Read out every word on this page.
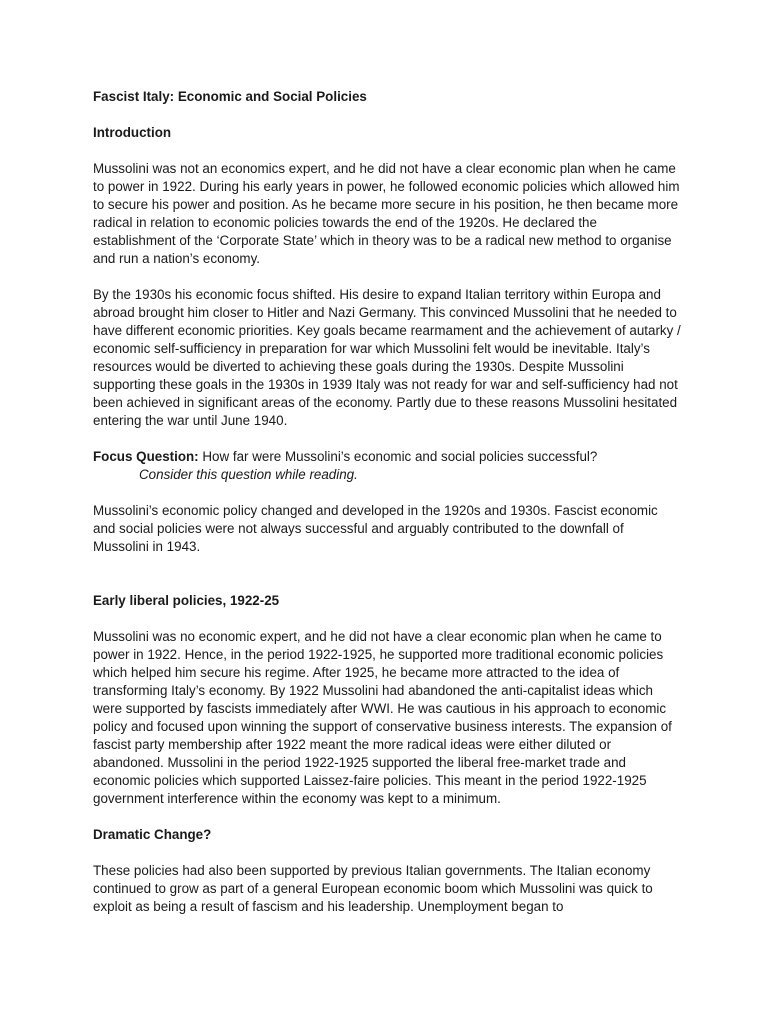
Fascist Italy: Economic and Social Policies
Introduction

Mussolini was not an economics expert, and he did not have a clear economic plan when he came to power in 1922. During his early years in power, he followed economic policies which allowed him to secure his power and position. As he became more secure in his position, he then became more radical in relation to economic policies towards the end of the 1920s. He declared the establishment of the ‘Corporate State’ which in theory was to be a radical new method to organise and run a nation’s economy.

By the 1930s his economic focus shifted. His desire to expand Italian territory within Europa and abroad brought him closer to Hitler and Nazi Germany. This convinced Mussolini that he needed to have different economic priorities. Key goals became rearmament and the achievement of autarky / economic self-sufficiency in preparation for war which Mussolini felt would be inevitable. Italy’s resources would be diverted to achieving these goals during the 1930s. Despite Mussolini supporting these goals in the 1930s in 1939 Italy was not ready for war and self-sufficiency had not been achieved in significant areas of the economy. Partly due to these reasons Mussolini hesitated entering the war until June 1940.

Focus Question: How far were Mussolini’s economic and social policies successful?
Consider this question while reading.

Mussolini’s economic policy changed and developed in the 1920s and 1930s. Fascist economic and social policies were not always successful and arguably contributed to the downfall of Mussolini in 1943.

Early liberal policies, 1922-25

Mussolini was no economic expert, and he did not have a clear economic plan when he came to power in 1922. Hence, in the period 1922-1925, he supported more traditional economic policies which helped him secure his regime. After 1925, he became more attracted to the idea of transforming Italy’s economy. By 1922 Mussolini had abandoned the anti-capitalist ideas which were supported by fascists immediately after WWI. He was cautious in his approach to economic policy and focused upon winning the support of conservative business interests. The expansion of fascist party membership after 1922 meant the more radical ideas were either diluted or abandoned. Mussolini in the period 1922-1925 supported the liberal free-market trade and economic policies which supported Laissez-faire policies. This meant in the period 1922-1925 government interference within the economy was kept to a minimum.

Dramatic Change?

These policies had also been supported by previous Italian governments. The Italian economy continued to grow as part of a general European economic boom which Mussolini was quick to exploit as being a result of fascism and his leadership. Unemployment began to
